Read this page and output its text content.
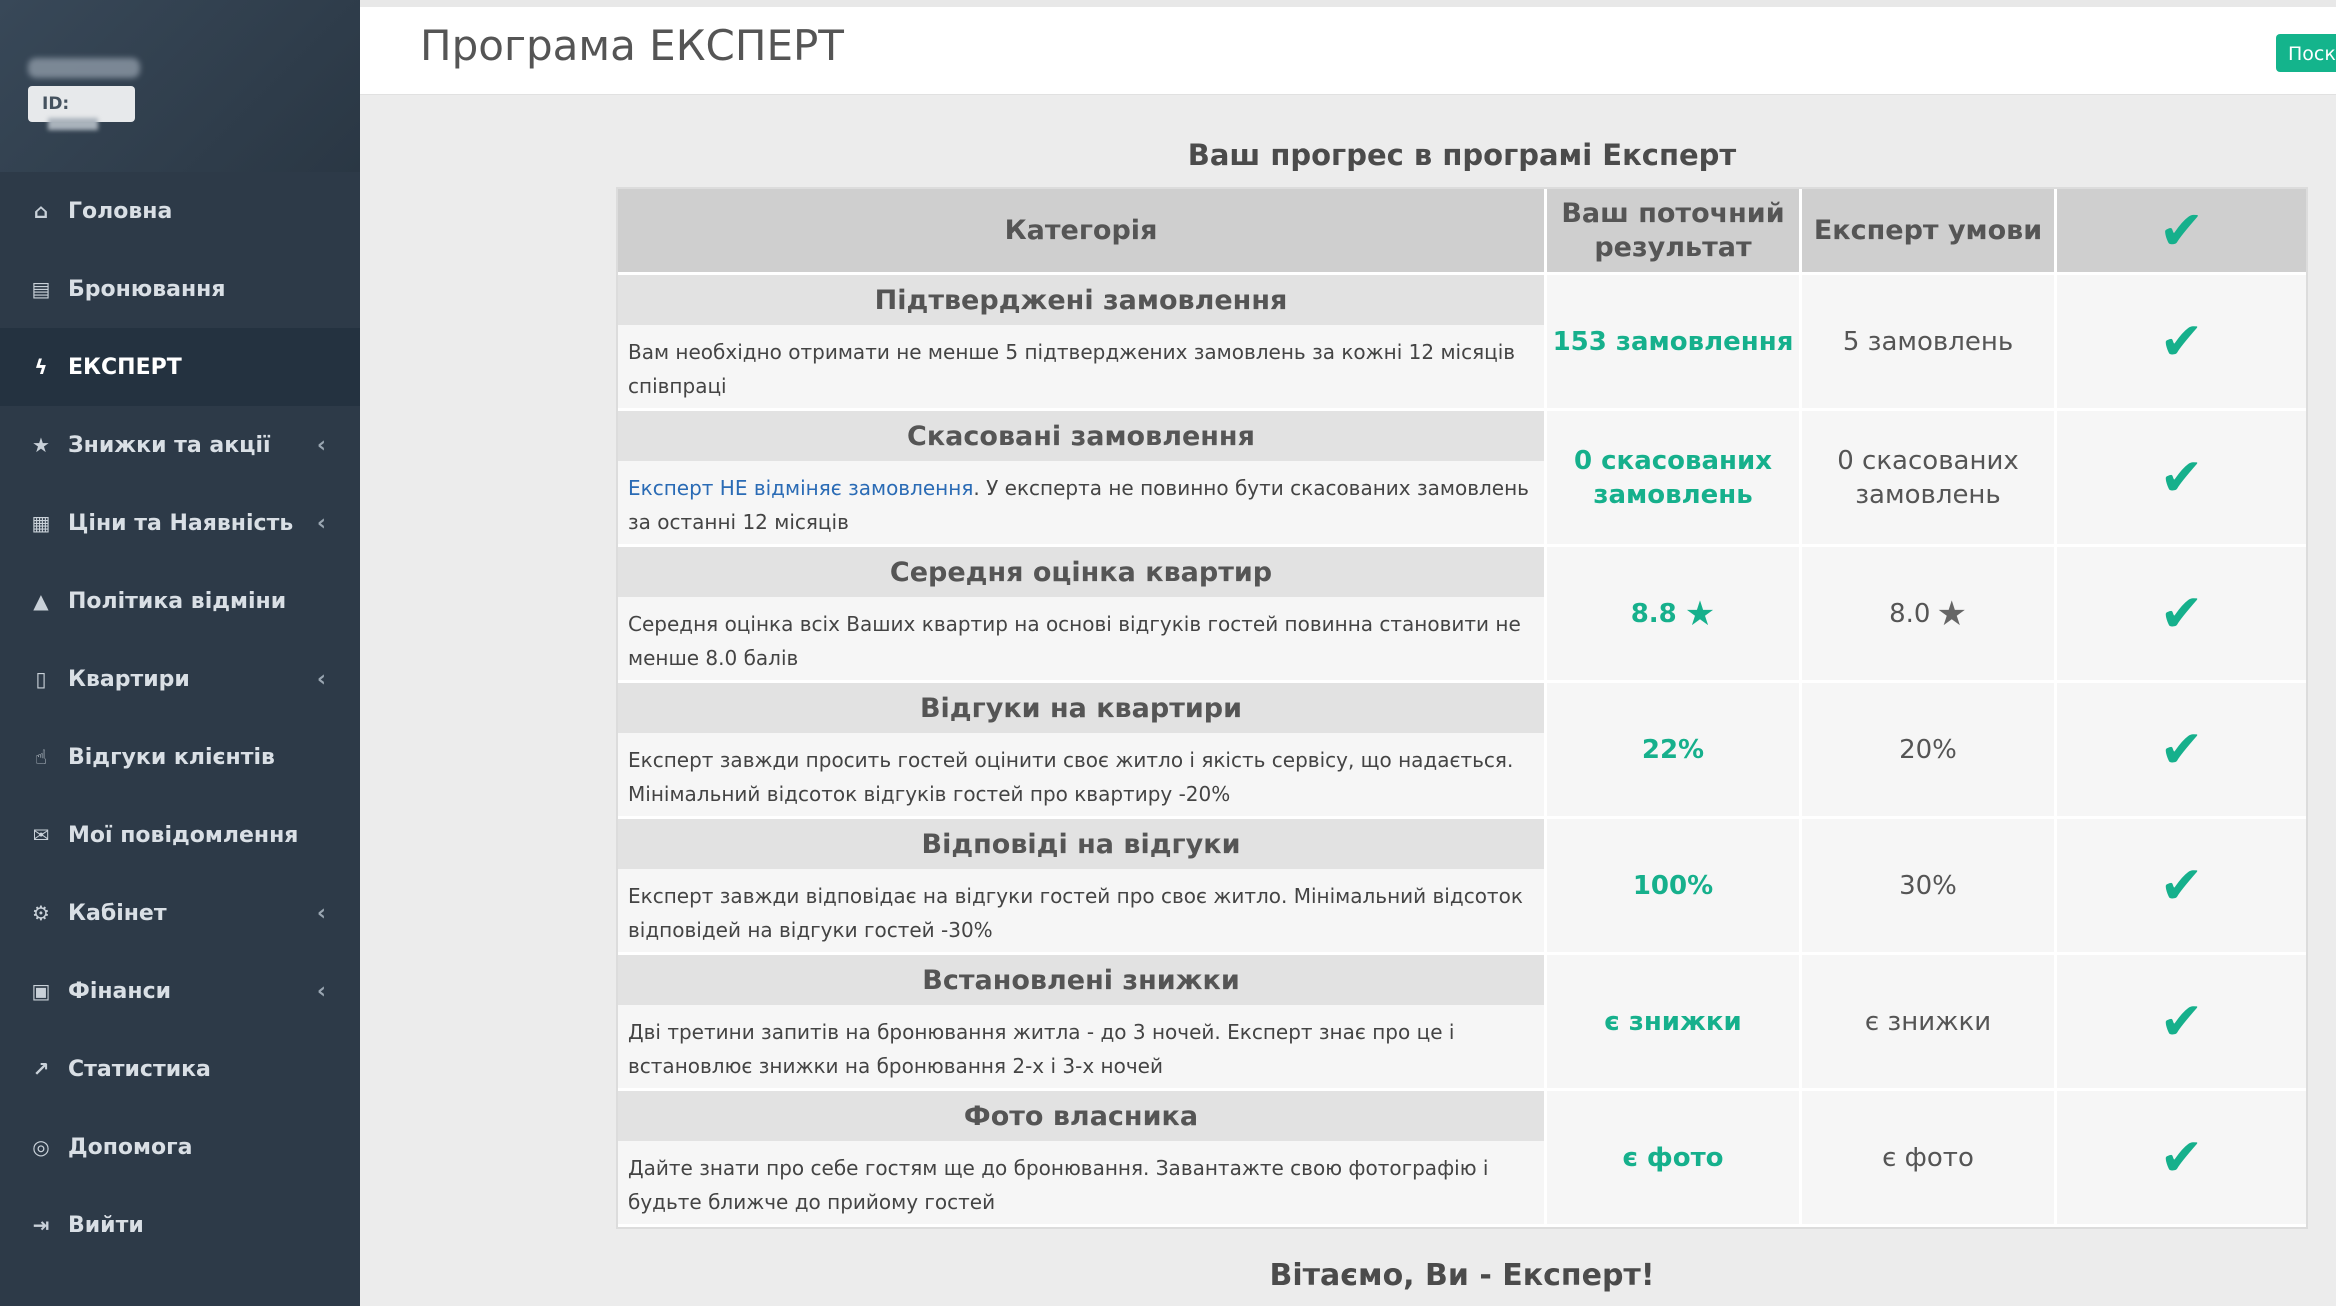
ID:
⌂ Головна
▤ Бронювання
ϟ ЕКСПЕРТ
★ Знижки та акції ‹
▦ Ціни та Наявність ‹
▲ Політика відміни
▯ Квартири	‹
☝ Відгуки клієнтів
✉ Мої повідомлення
⚙ Кабінет	‹
▣ Фінанси	‹
↗ Статистика
◎ Допомога
⇥ Вийти
Програма ЕКСПЕРТ	Поск
Ваш прогрес в програмі Експерт
Категорія
Ваш поточний результат
Експерт умови ✔
Підтверджені замовлення
Вам необхідно отримати не менше 5 підтверджених замовлень за кожні 12 місяців співпраці
153 замовлення	5 замовлень	✔
Скасовані замовлення
Експерт НЕ відміняє замовлення. У експерта не повинно бути скасованих замовлень за останні 12 місяців
0 скасованих замовлень
0 скасованих замовлень	✔
Середня оцінка квартир
Середня оцінка всіх Ваших квартир на основі відгуків гостей повинна становити не менше 8.0 балів
8.8 ★	8.0 ★	✔
Відгуки на квартири
Експерт завжди просить гостей оцінити своє житло і якість сервісу, що надається. Мінімальний відсоток відгуків гостей про квартиру -20%
22%	20%	✔
Відповіді на відгуки
Експерт завжди відповідає на відгуки гостей про своє житло. Мінімальний відсоток відповідей на відгуки гостей -30%
100%	30%	✔
Встановлені знижки
Дві третини запитів на бронювання житла - до 3 ночей. Експерт знає про це і встановлює знижки на бронювання 2-х і 3-х ночей
є знижки	є знижки	✔
Фото власника
Дайте знати про себе гостям ще до бронювання. Завантажте свою фотографію і будьте ближче до прийому гостей
є фото	є фото	✔
Вітаємо, Ви - Експерт!
